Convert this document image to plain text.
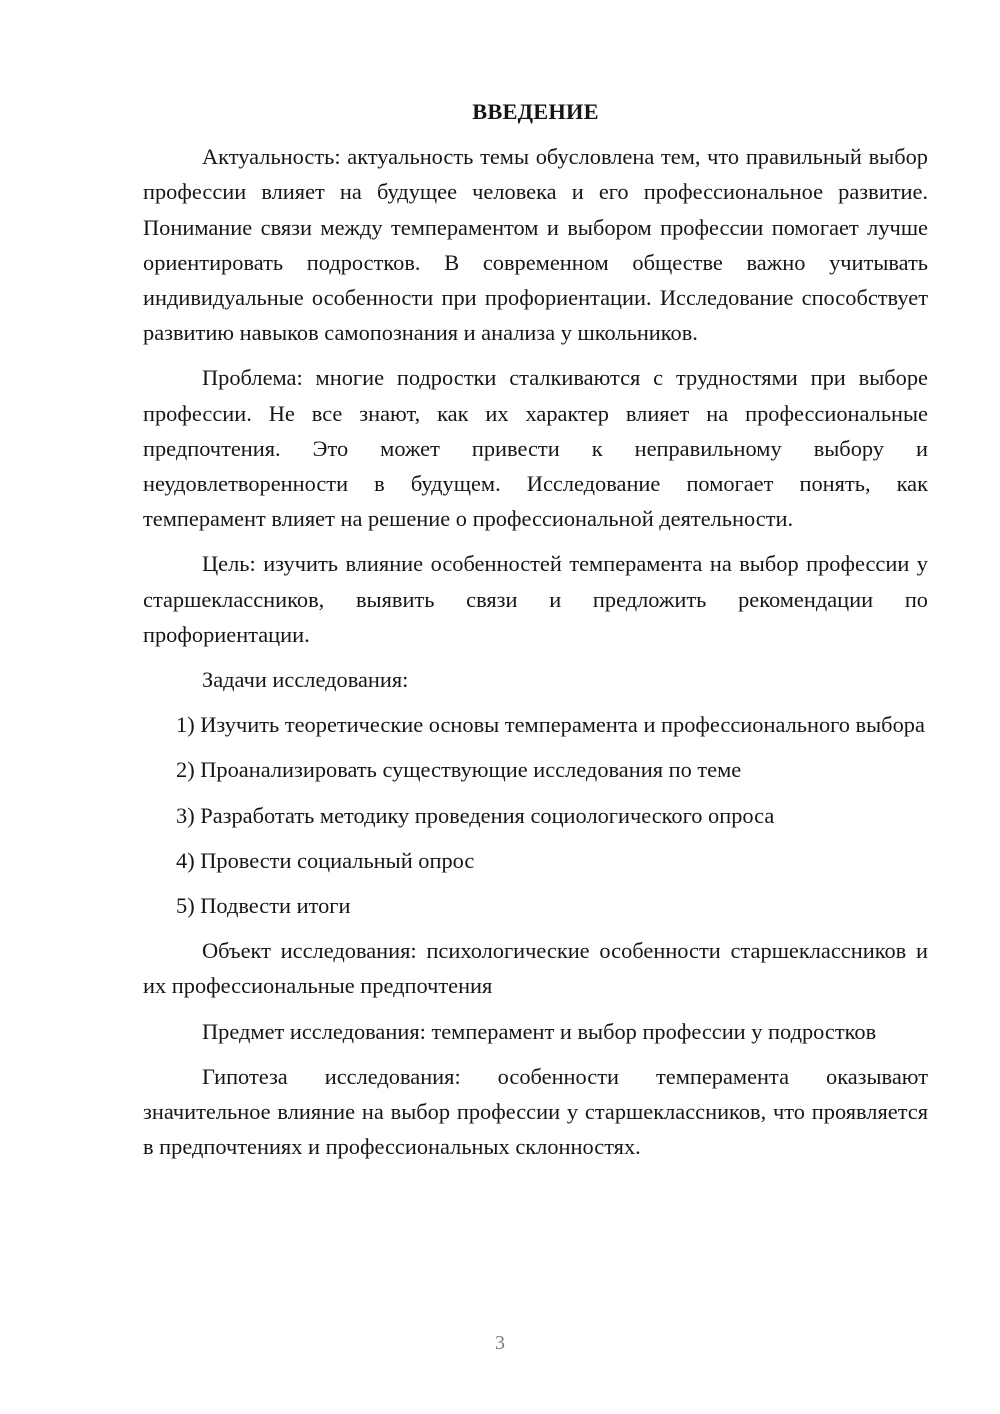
ВВЕДЕНИЕ

Актуальность: актуальность темы обусловлена тем, что правильный выбор профессии влияет на будущее человека и его профессиональное развитие. Понимание связи между темпераментом и выбором профессии помогает лучше ориентировать подростков. В современном обществе важно учитывать индивидуальные особенности при профориентации. Исследование способствует развитию навыков самопознания и анализа у школьников.

Проблема: многие подростки сталкиваются с трудностями при выборе профессии. Не все знают, как их характер влияет на профессиональные предпочтения. Это может привести к неправильному выбору и неудовлетворенности в будущем. Исследование помогает понять, как темперамент влияет на решение о профессиональной деятельности.

Цель: изучить влияние особенностей темперамента на выбор профессии у старшеклассников, выявить связи и предложить рекомендации по профориентации.

Задачи исследования:

1) Изучить теоретические основы темперамента и профессионального выбора

2) Проанализировать существующие исследования по теме

3) Разработать методику проведения социологического опроса

4) Провести социальный опрос

5) Подвести итоги

Объект исследования: психологические особенности старшеклассников и их профессиональные предпочтения

Предмет исследования: темперамент и выбор профессии у подростков

Гипотеза исследования: особенности темперамента оказывают значительное влияние на выбор профессии у старшеклассников, что проявляется в предпочтениях и профессиональных склонностях.

3
